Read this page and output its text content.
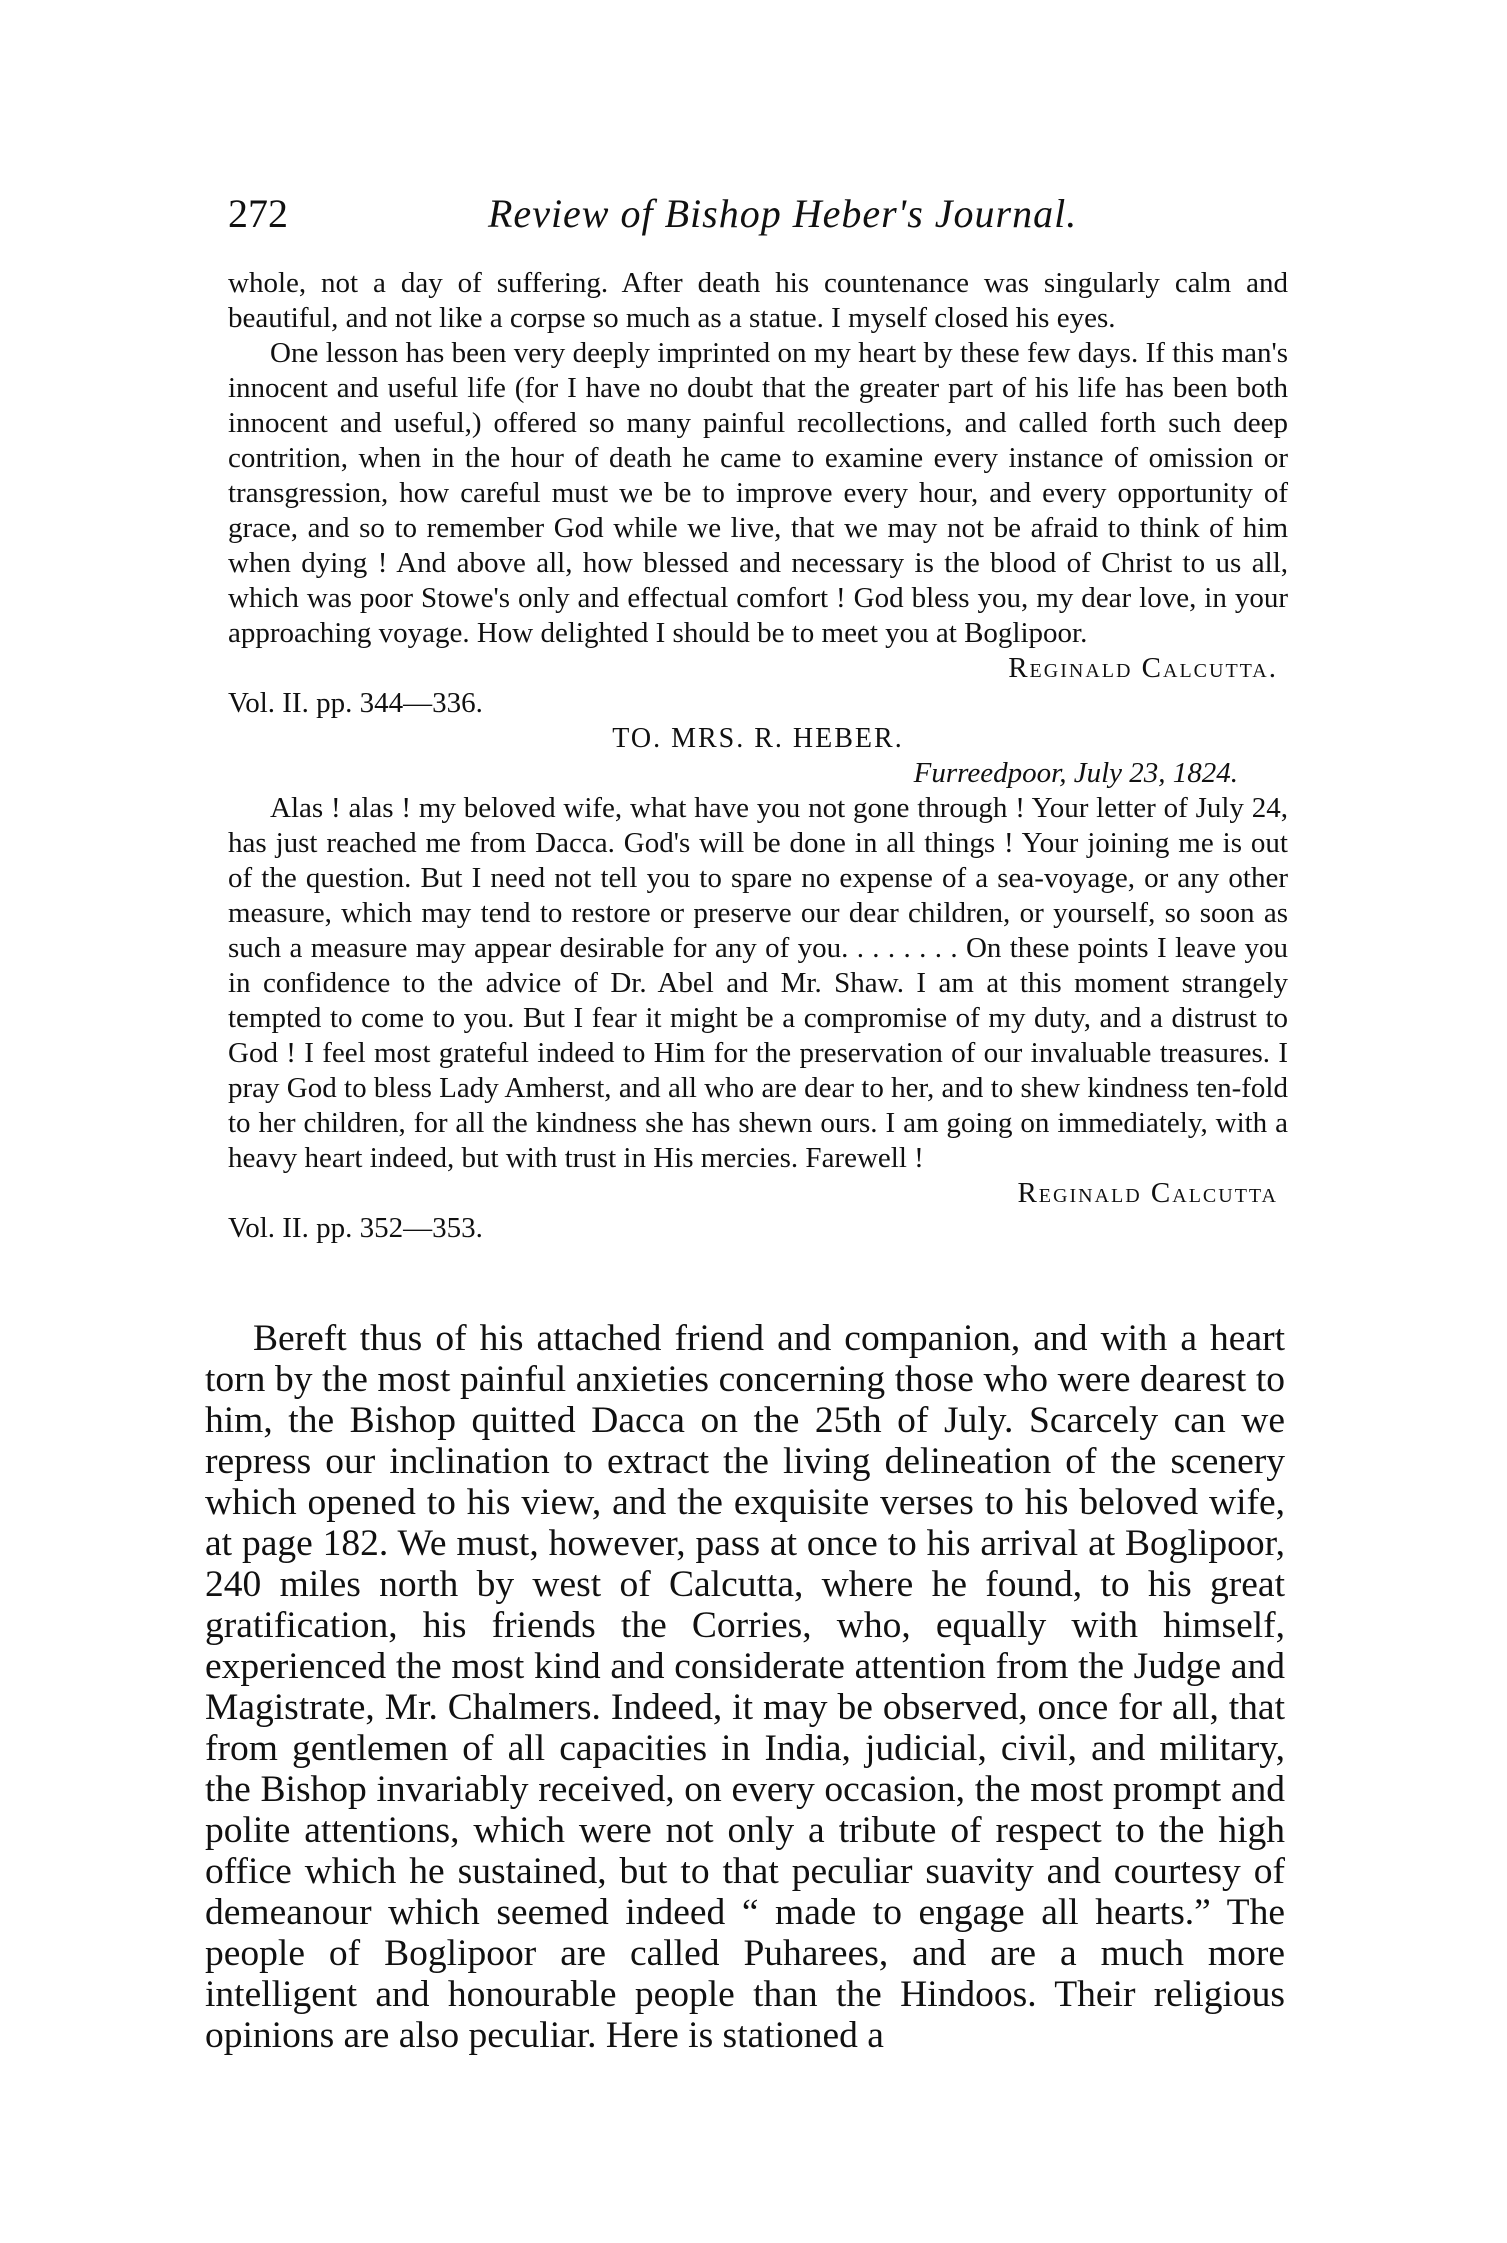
272	Review of Bishop Heber's Journal.

whole, not a day of suffering. After death his countenance was singularly calm and beautiful, and not like a corpse so much as a statue. I myself closed his eyes.

One lesson has been very deeply imprinted on my heart by these few days. If this man's innocent and useful life (for I have no doubt that the greater part of his life has been both innocent and useful,) offered so many painful recollections, and called forth such deep contrition, when in the hour of death he came to examine every instance of omission or transgression, how careful must we be to improve every hour, and every opportunity of grace, and so to remember God while we live, that we may not be afraid to think of him when dying ! And above all, how blessed and necessary is the blood of Christ to us all, which was poor Stowe's only and effectual comfort ! God bless you, my dear love, in your approaching voyage. How delighted I should be to meet you at Boglipoor.

Reginald Calcutta.

Vol. II. pp. 344—336.

TO. MRS. R. HEBER.

Furreedpoor, July 23, 1824.

Alas ! alas ! my beloved wife, what have you not gone through ! Your letter of July 24, has just reached me from Dacca. God's will be done in all things ! Your joining me is out of the question. But I need not tell you to spare no expense of a sea-voyage, or any other measure, which may tend to restore or preserve our dear children, or yourself, so soon as such a measure may appear desirable for any of you. . . . . . . . On these points I leave you in confidence to the advice of Dr. Abel and Mr. Shaw. I am at this moment strangely tempted to come to you. But I fear it might be a compromise of my duty, and a distrust to God ! I feel most grateful indeed to Him for the preservation of our invaluable treasures. I pray God to bless Lady Amherst, and all who are dear to her, and to shew kindness ten-fold to her children, for all the kindness she has shewn ours. I am going on immediately, with a heavy heart indeed, but with trust in His mercies. Farewell !

Reginald Calcutta

Vol. II. pp. 352—353.

Bereft thus of his attached friend and companion, and with a heart torn by the most painful anxieties concerning those who were dearest to him, the Bishop quitted Dacca on the 25th of July. Scarcely can we repress our inclination to extract the living delineation of the scenery which opened to his view, and the exquisite verses to his beloved wife, at page 182. We must, however, pass at once to his arrival at Boglipoor, 240 miles north by west of Calcutta, where he found, to his great gratification, his friends the Corries, who, equally with himself, experienced the most kind and considerate attention from the Judge and Magistrate, Mr. Chalmers. Indeed, it may be observed, once for all, that from gentlemen of all capacities in India, judicial, civil, and military, the Bishop invariably received, on every occasion, the most prompt and polite attentions, which were not only a tribute of respect to the high office which he sustained, but to that peculiar suavity and courtesy of demeanour which seemed indeed “ made to engage all hearts.” The people of Boglipoor are called Puharees, and are a much more intelligent and honourable people than the Hindoos. Their religious opinions are also peculiar. Here is stationed a
